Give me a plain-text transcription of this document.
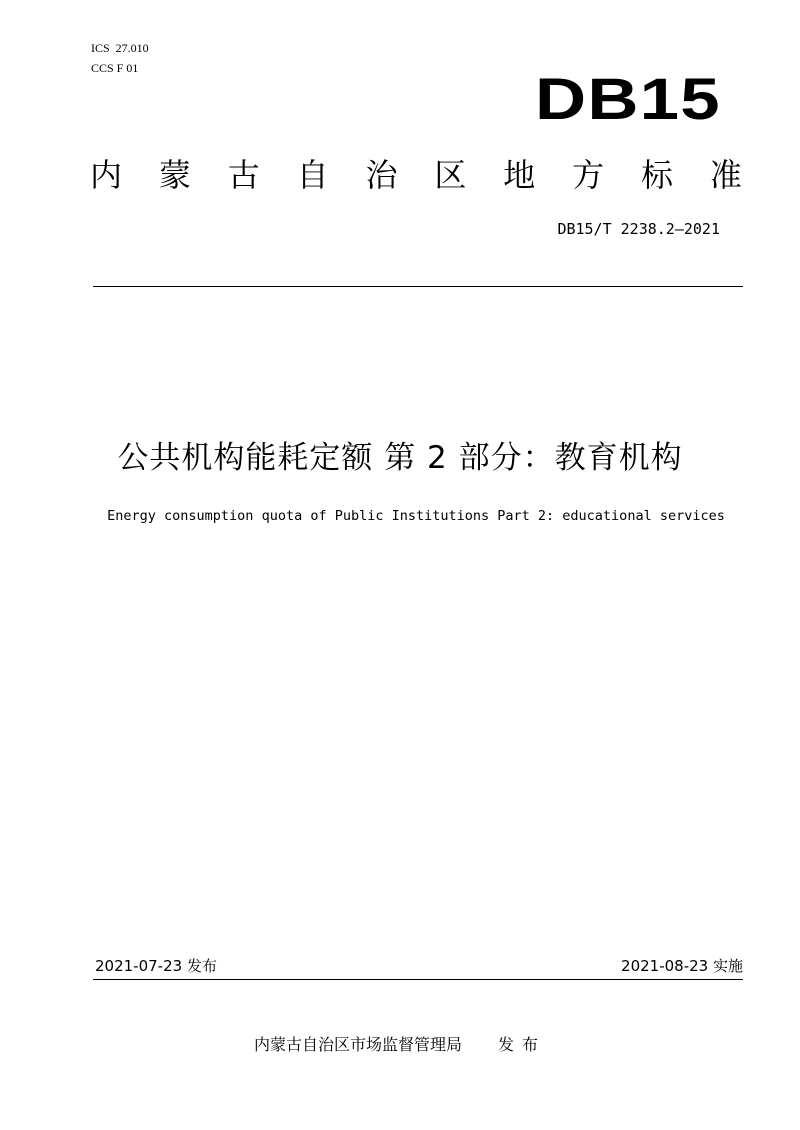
ICS  27.010
CCS F 01	DB15
内 蒙 古 自 治 区 地 方 标 准
DB15/T 2238.2—2021
公共机构能耗定额 第 2 部分：教育机构
Energy consumption quota of Public Institutions Part 2: educational services
2021-07-23 发布	2021-08-23 实施
内蒙古自治区市场监督管理局 发布
